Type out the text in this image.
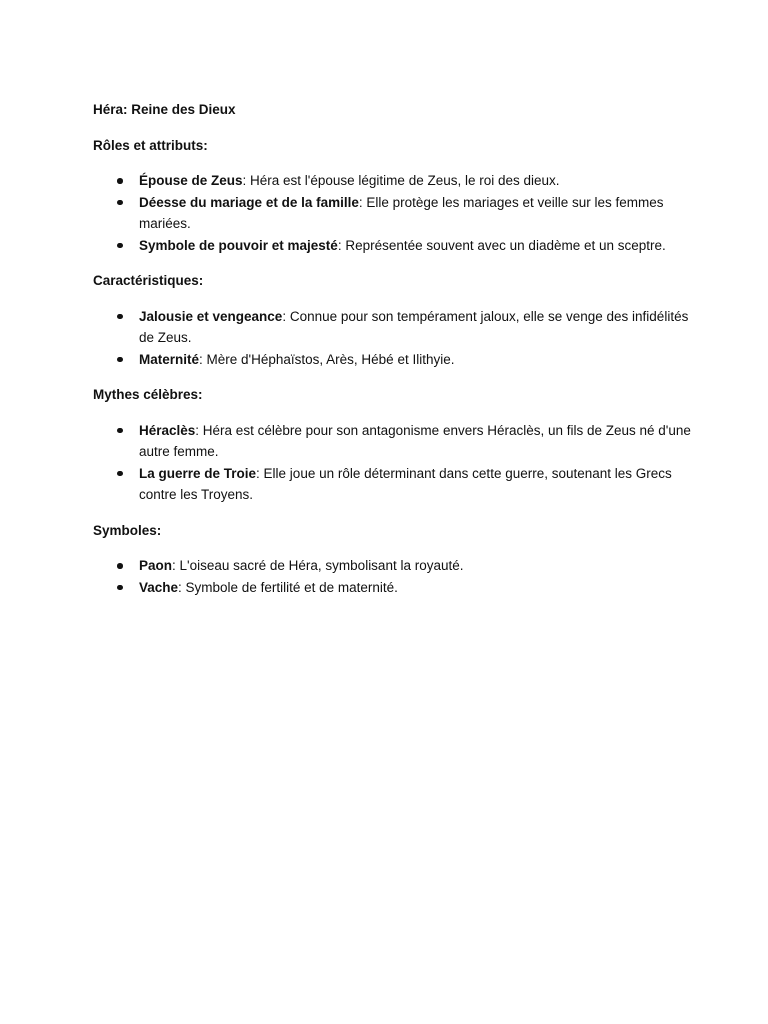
Héra: Reine des Dieux
Rôles et attributs:
Épouse de Zeus: Héra est l'épouse légitime de Zeus, le roi des dieux.
Déesse du mariage et de la famille: Elle protège les mariages et veille sur les femmes mariées.
Symbole de pouvoir et majesté: Représentée souvent avec un diadème et un sceptre.
Caractéristiques:
Jalousie et vengeance: Connue pour son tempérament jaloux, elle se venge des infidélités de Zeus.
Maternité: Mère d'Héphaïstos, Arès, Hébé et Ilithyie.
Mythes célèbres:
Héraclès: Héra est célèbre pour son antagonisme envers Héraclès, un fils de Zeus né d'une autre femme.
La guerre de Troie: Elle joue un rôle déterminant dans cette guerre, soutenant les Grecs contre les Troyens.
Symboles:
Paon: L'oiseau sacré de Héra, symbolisant la royauté.
Vache: Symbole de fertilité et de maternité.
